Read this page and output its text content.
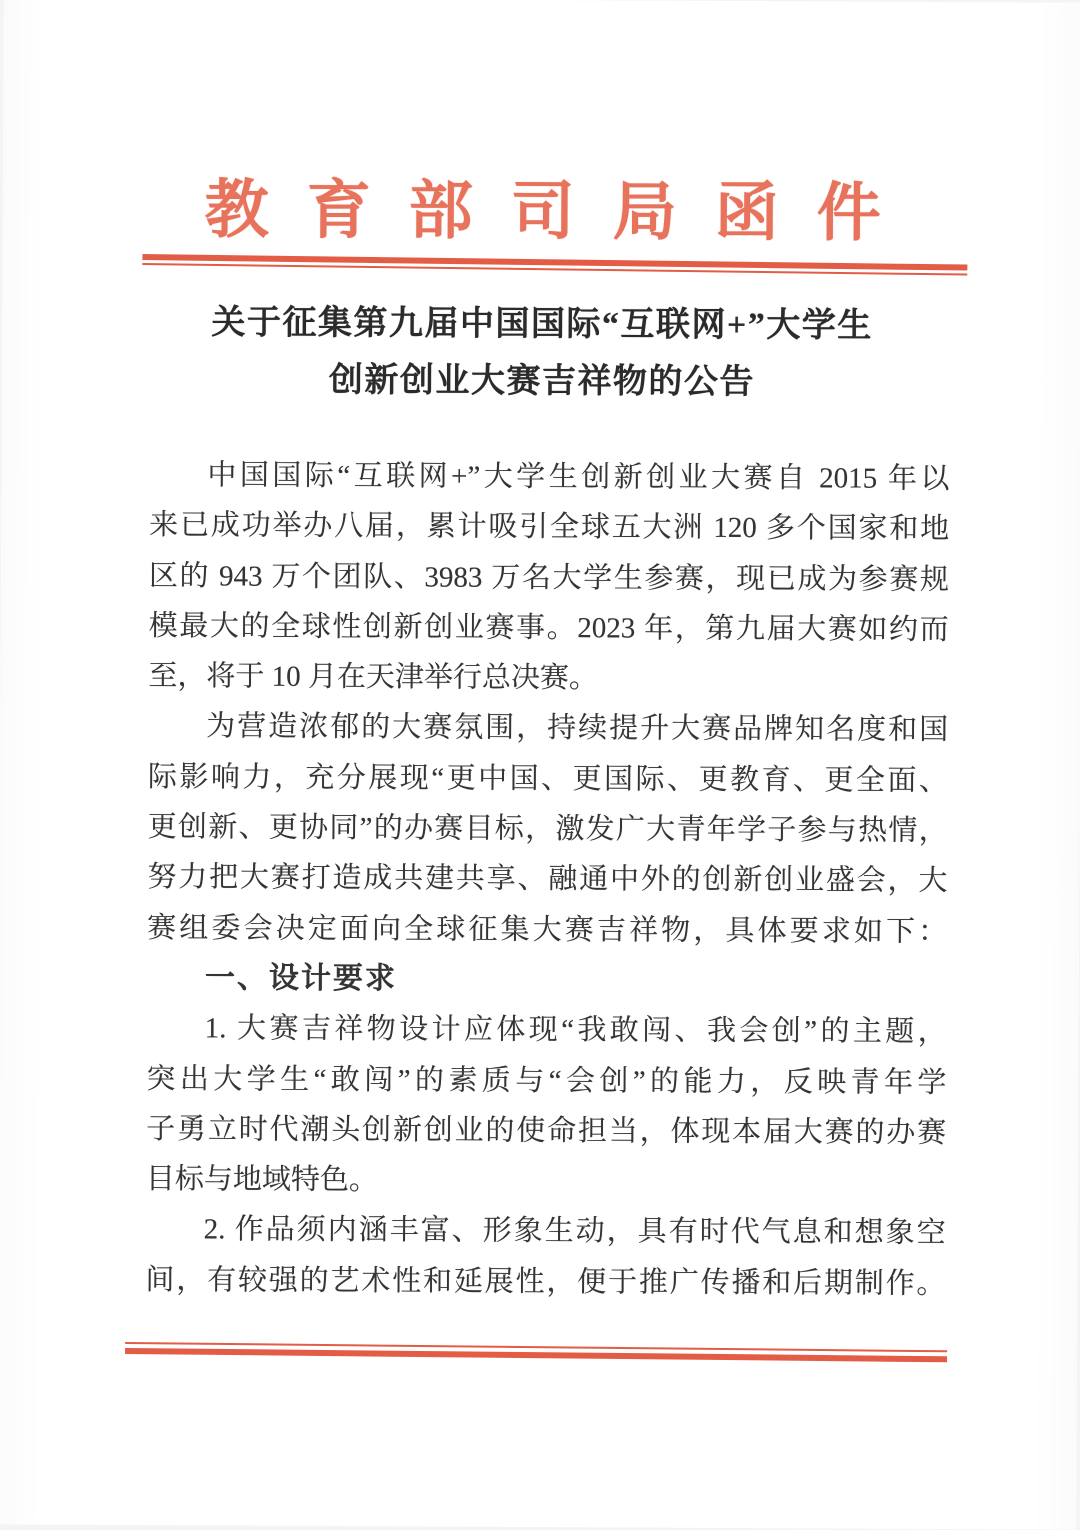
教育部司局函件
关于征集第九届中国国际“互联网+”大学生
创新创业大赛吉祥物的公告
中国国际“互联网+”大学生创新创业大赛自 2015 年以
来已成功举办八届，累计吸引全球五大洲 120 多个国家和地
区的 943 万个团队、3983 万名大学生参赛，现已成为参赛规
模最大的全球性创新创业赛事。2023 年，第九届大赛如约而
至，将于 10 月在天津举行总决赛。
为营造浓郁的大赛氛围，持续提升大赛品牌知名度和国
际影响力，充分展现“更中国、更国际、更教育、更全面、
更创新、更协同”的办赛目标，激发广大青年学子参与热情，
努力把大赛打造成共建共享、融通中外的创新创业盛会，大
赛组委会决定面向全球征集大赛吉祥物，具体要求如下：
一、设计要求
1. 大赛吉祥物设计应体现“我敢闯、我会创”的主题，
突出大学生“敢闯”的素质与“会创”的能力，反映青年学
子勇立时代潮头创新创业的使命担当，体现本届大赛的办赛
目标与地域特色。
2. 作品须内涵丰富、形象生动，具有时代气息和想象空
间，有较强的艺术性和延展性，便于推广传播和后期制作。
